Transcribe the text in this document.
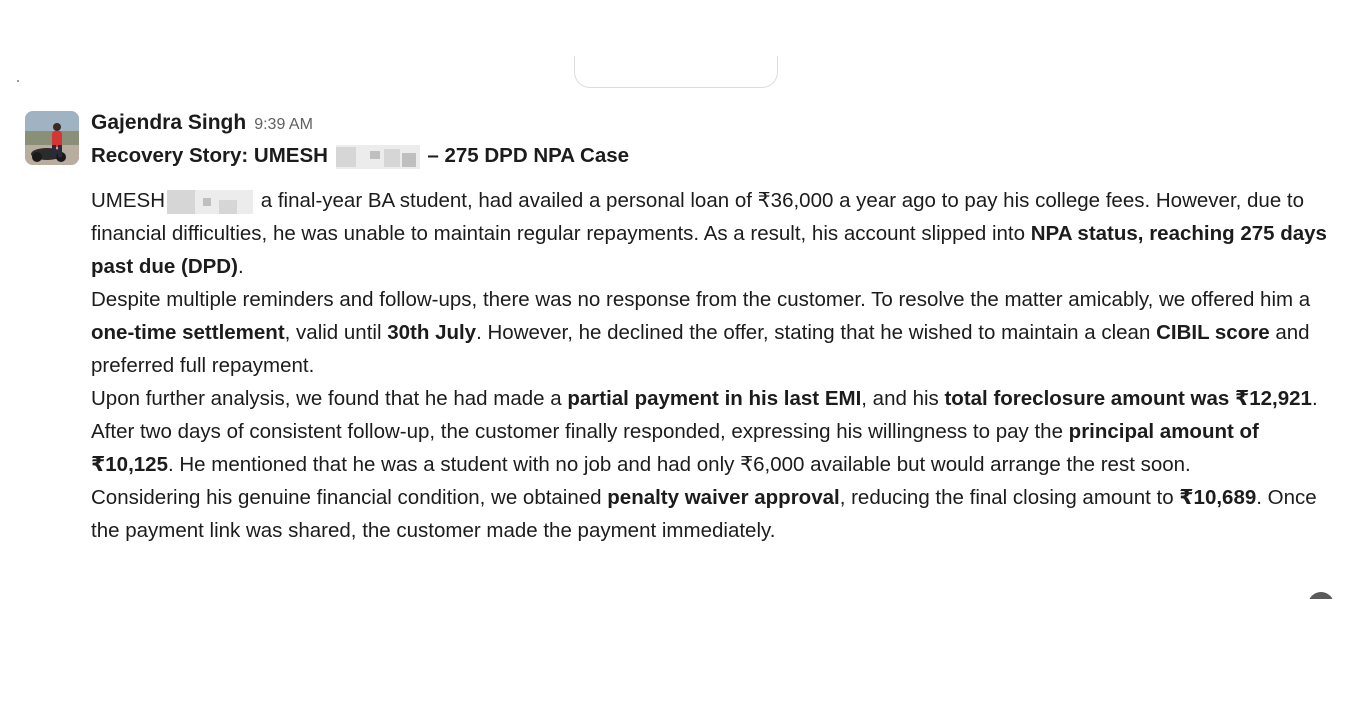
Gajendra Singh 9:39 AM
Recovery Story: UMESH	– 275 DPD NPA Case

UMESH	a final-year BA student, had availed a personal loan of ₹36,000 a year ago to pay his college fees. However, due to financial difficulties, he was unable to maintain regular repayments. As a result, his account slipped into NPA status, reaching 275 days past due (DPD).

Despite multiple reminders and follow-ups, there was no response from the customer. To resolve the matter amicably, we offered him a one-time settlement, valid until 30th July. However, he declined the offer, stating that he wished to maintain a clean CIBIL score and preferred full repayment.

Upon further analysis, we found that he had made a partial payment in his last EMI, and his total foreclosure amount was ₹12,921.

After two days of consistent follow-up, the customer finally responded, expressing his willingness to pay the principal amount of ₹10,125. He mentioned that he was a student with no job and had only ₹6,000 available but would arrange the rest soon.

Considering his genuine financial condition, we obtained penalty waiver approval, reducing the final closing amount to ₹10,689. Once the payment link was shared, the customer made the payment immediately.
